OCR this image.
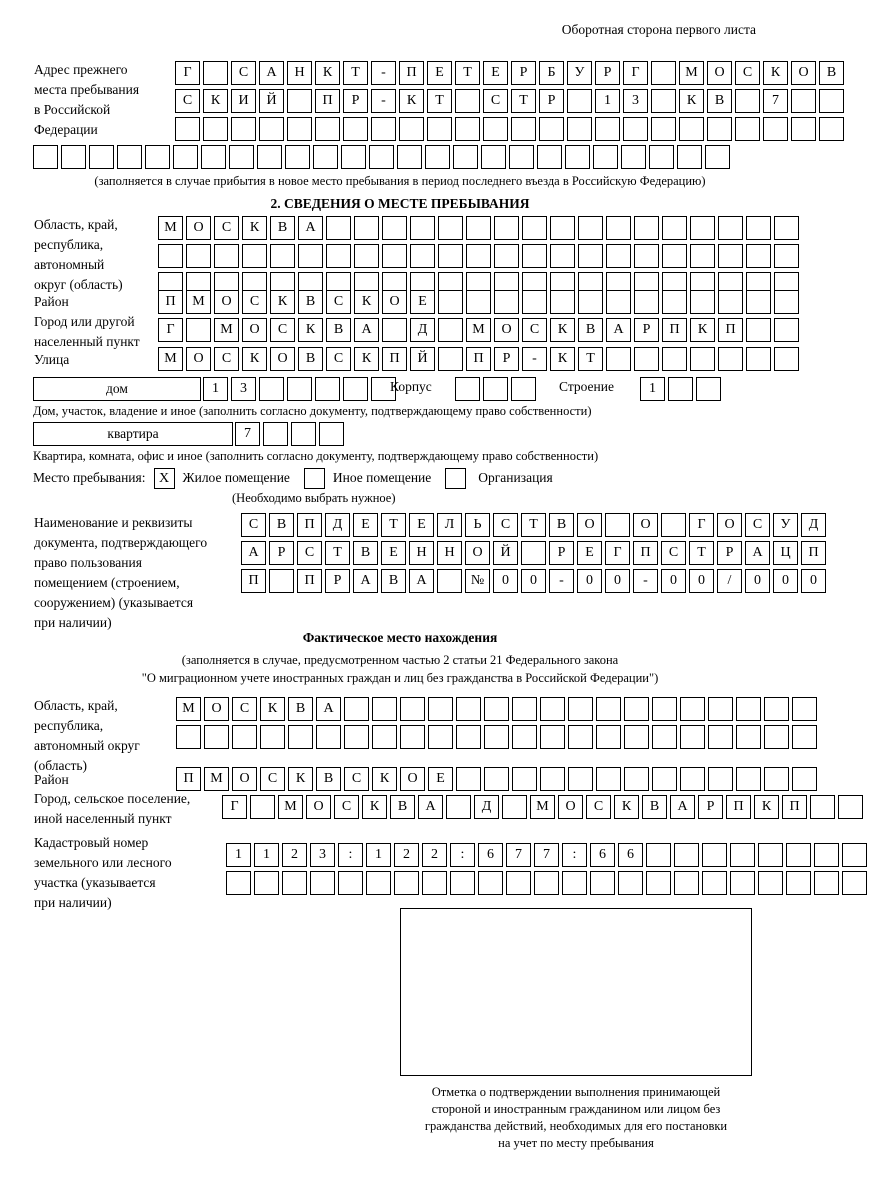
Оборотная сторона первого листа
Адрес прежнего
места пребывания
в Российской
Федерации
Г	С	А	Н	К	Т	-	П	Е	Т	Е	Р	Б	У	Р	Г	М	О	С	К	О	В
С	К	И	Й	П	Р	-	К	Т	С	Т	Р	1	3	К	В	7
(заполняется в случае прибытия в новое место пребывания в период последнего въезда в Российскую Федерацию)
2. СВЕДЕНИЯ О МЕСТЕ ПРЕБЫВАНИЯ
Область, край,
республика,
автономный
округ (область)
М	О	С	К	В	А
Район	П	М	О	С	К	В	С	К	О	Е
Город или другой
населенный пункт
Г	М	О	С	К	В	А	Д	М	О	С	К	В	А	Р	П	К	П
Улица	М	О	С	К	О	В	С	К	П	Й	П	Р	-	К	Т
дом	1	3	Корпус	Строение	1
Дом, участок, владение и иное (заполнить согласно документу, подтверждающему право собственности)
квартира	7
Квартира, комната, офис и иное (заполнить согласно документу, подтверждающему право собственности)
Место пребывания: Х Жилое помещение	Иное помещение	Организация
(Необходимо выбрать нужное)
Наименование и реквизиты
документа, подтверждающего
право пользования
помещением (строением,
сооружением) (указывается
при наличии)
С	В	П	Д	Е	Т	Е	Л	Ь	С	Т	В	О	О	Г	О	С	У	Д
А	Р	С	Т	В	Е	Н	Н	О	Й	Р	Е	Г	П	С	Т	Р	А	Ц	П
П	П	Р	А	В	А	№	0	0	-	0	0	-	0	0	/	0	0	0
Фактическое место нахождения
(заполняется в случае, предусмотренном частью 2 статьи 21 Федерального закона
"О миграционном учете иностранных граждан и лиц без гражданства в Российской Федерации")
Область, край,
республика,
автономный округ
(область)
М	О	С	К	В	А
Район	П	М	О	С	К	В	С	К	О	Е
Город, сельское поселение,
иной населенный пункт
Г	М	О	С	К	В	А	Д	М	О	С	К	В	А	Р	П	К	П
Кадастровый номер
земельного или лесного
участка (указывается
при наличии)
1	1	2	3	:	1	2	2	:	6	7	7	:	6	6
Отметка о подтверждении выполнения принимающей
стороной и иностранным гражданином или лицом без
гражданства действий, необходимых для его постановки
на учет по месту пребывания
